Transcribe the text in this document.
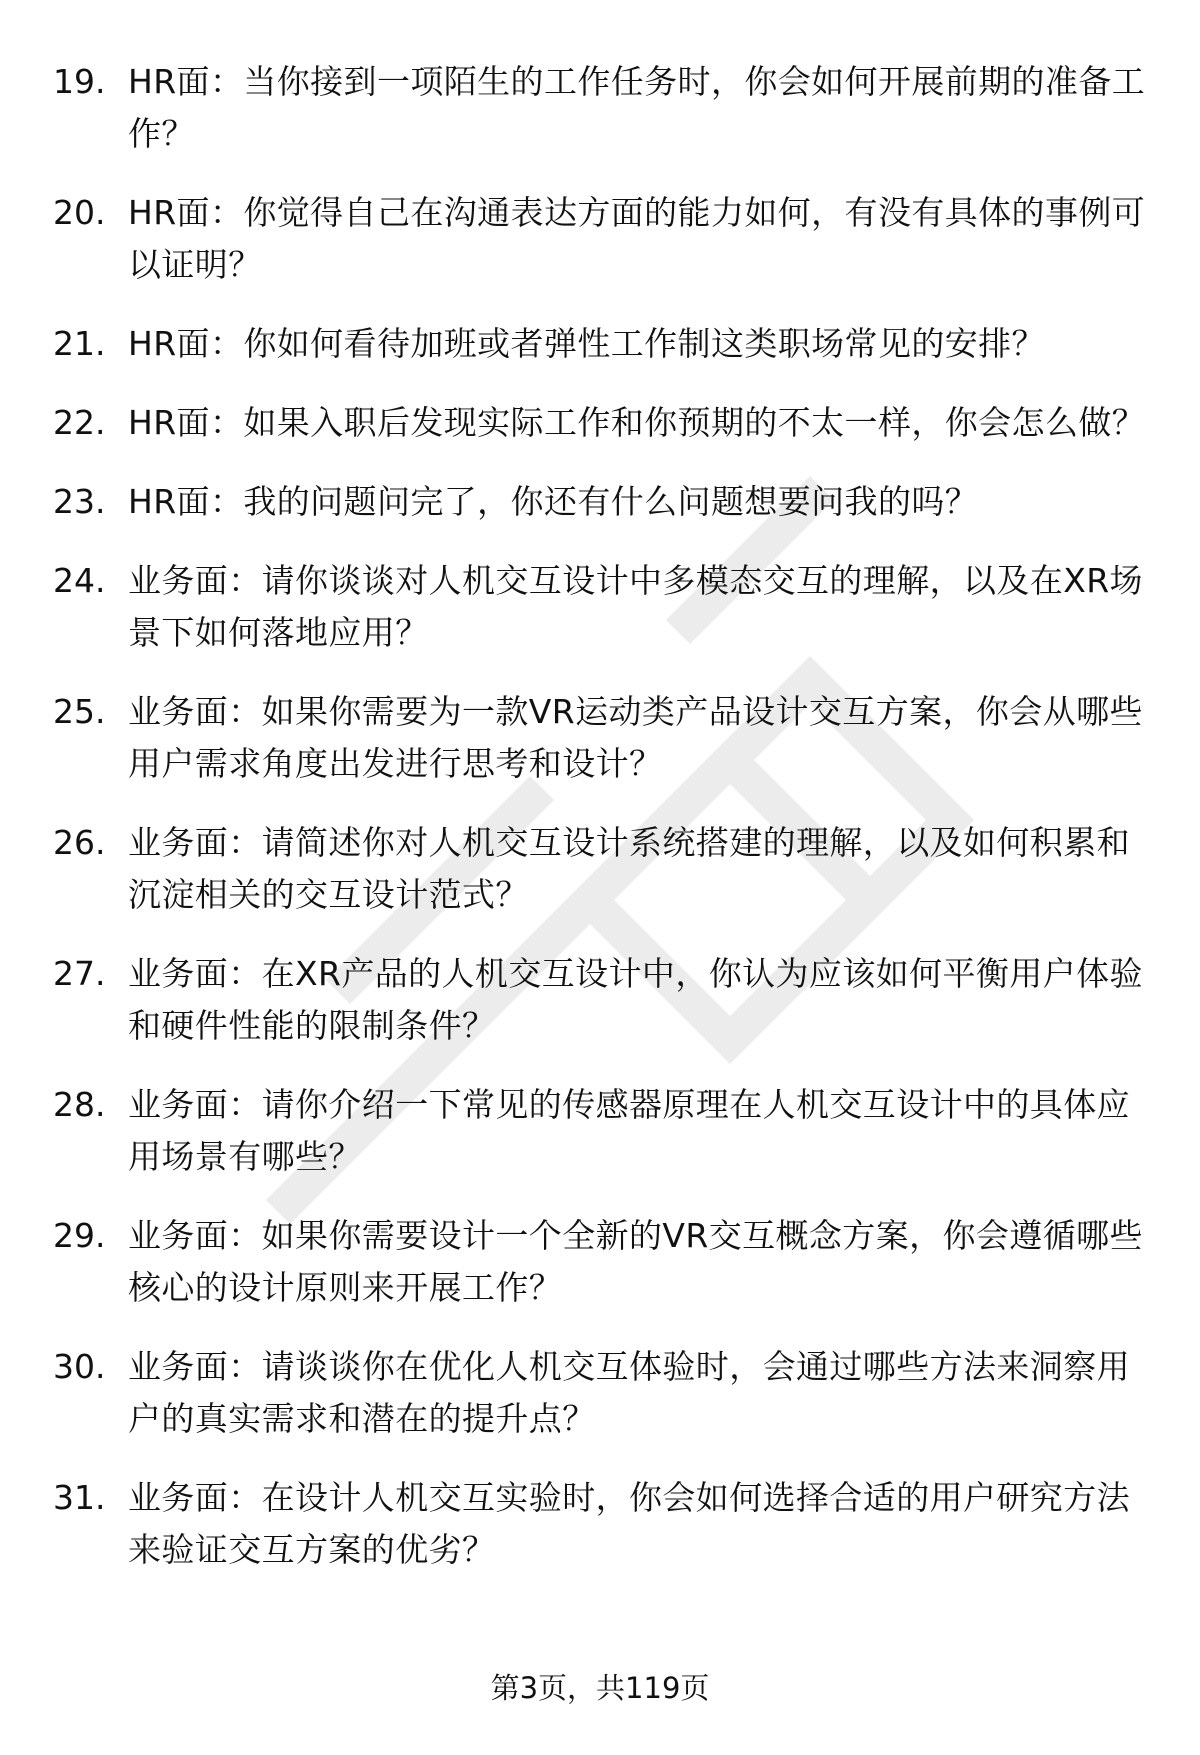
19. HR面：当你接到一项陌生的工作任务时，你会如何开展前期的准备工作？
20. HR面：你觉得自己在沟通表达方面的能力如何，有没有具体的事例可以证明？
21. HR面：你如何看待加班或者弹性工作制这类职场常见的安排？
22. HR面：如果入职后发现实际工作和你预期的不太一样，你会怎么做？
23. HR面：我的问题问完了，你还有什么问题想要问我的吗？
24. 业务面：请你谈谈对人机交互设计中多模态交互的理解，以及在XR场景下如何落地应用？
25. 业务面：如果你需要为一款VR运动类产品设计交互方案，你会从哪些用户需求角度出发进行思考和设计？
26. 业务面：请简述你对人机交互设计系统搭建的理解，以及如何积累和沉淀相关的交互设计范式？
27. 业务面：在XR产品的人机交互设计中，你认为应该如何平衡用户体验和硬件性能的限制条件？
28. 业务面：请你介绍一下常见的传感器原理在人机交互设计中的具体应用场景有哪些？
29. 业务面：如果你需要设计一个全新的VR交互概念方案，你会遵循哪些核心的设计原则来开展工作？
30. 业务面：请谈谈你在优化人机交互体验时，会通过哪些方法来洞察用户的真实需求和潜在的提升点？
31. 业务面：在设计人机交互实验时，你会如何选择合适的用户研究方法来验证交互方案的优劣？
第3页，共119页
